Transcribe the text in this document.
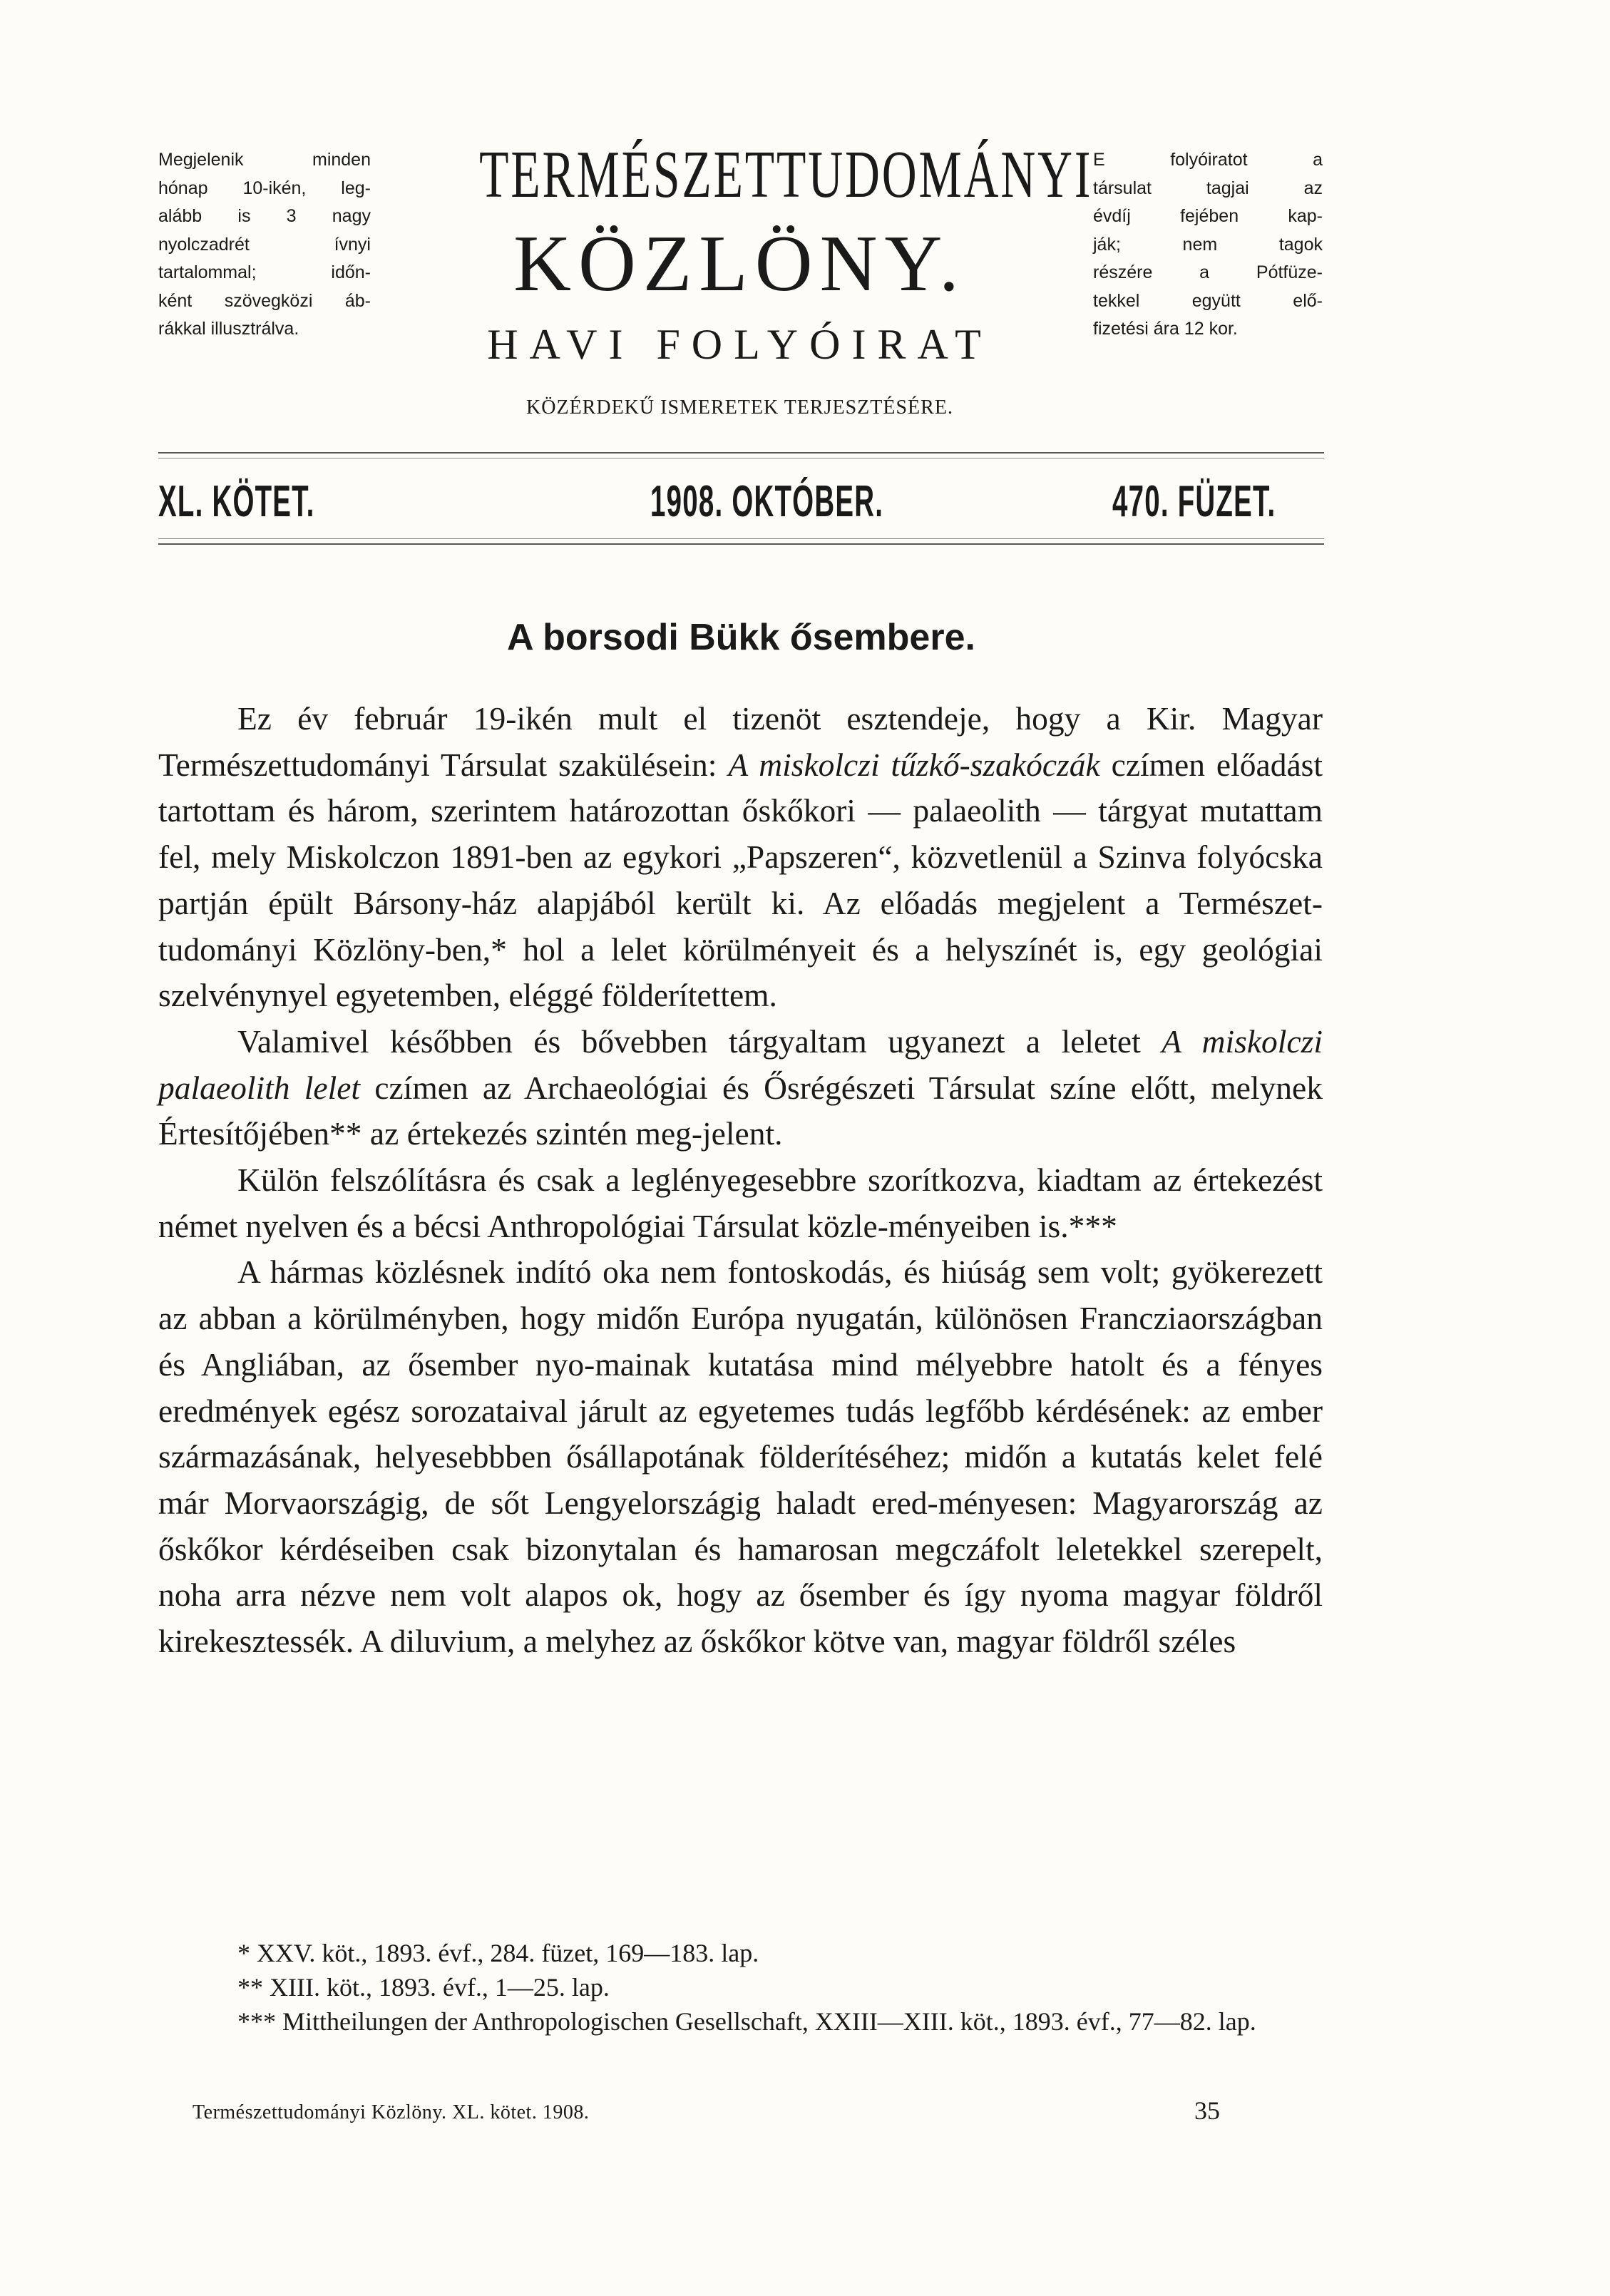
Megjelenik minden
hónap 10-ikén, leg-
alább is 3 nagy
nyolczadrét ívnyi
tartalommal; időn-
ként szövegközi áb-
rákkal illusztrálva.
TERMÉSZETTUDOMÁNYI
KÖZLÖNY.
HAVI FOLYÓIRAT
KÖZÉRDEKŰ ISMERETEK TERJESZTÉSÉRE.
E folyóiratot a
társulat tagjai az
évdíj fejében kap-
ják; nem tagok
részére a Pótfüze-
tekkel együtt elő-
fizetési ára 12 kor.
XL. KÖTET.	1908. OKTÓBER.	470. FÜZET.
A borsodi Bükk ősembere.

Ez év február 19-ikén mult el tizenöt esztendeje, hogy a Kir. Magyar Természettudományi Társulat szakülésein: A miskolczi tűzkő-szakóczák czímen előadást tartottam és három, szerintem határozottan őskőkori — palaeolith — tárgyat mutattam fel, mely Miskolczon 1891-ben az egykori „Papszeren“, közvetlenül a Szinva folyócska partján épült Bársony-ház alapjából került ki. Az előadás megjelent a Természet-tudományi Közlöny-ben,* hol a lelet körülményeit és a helyszínét is, egy geológiai szelvénynyel egyetemben, eléggé földerítettem.

Valamivel későbben és bővebben tárgyaltam ugyanezt a leletet A miskolczi palaeolith lelet czímen az Archaeológiai és Ősrégészeti Társulat színe előtt, melynek Értesítőjében** az értekezés szintén meg-jelent.

Külön felszólításra és csak a leglényegesebbre szorítkozva, kiadtam az értekezést német nyelven és a bécsi Anthropológiai Társulat közle-ményeiben is.***

A hármas közlésnek indító oka nem fontoskodás, és hiúság sem volt; gyökerezett az abban a körülményben, hogy midőn Európa nyugatán, különösen Francziaországban és Angliában, az ősember nyo-mainak kutatása mind mélyebbre hatolt és a fényes eredmények egész sorozataival járult az egyetemes tudás legfőbb kérdésének: az ember származásának, helyesebbben ősállapotának földerítéséhez; midőn a kutatás kelet felé már Morvaországig, de sőt Lengyelországig haladt ered-ményesen: Magyarország az őskőkor kérdéseiben csak bizonytalan és hamarosan megczáfolt leletekkel szerepelt, noha arra nézve nem volt alapos ok, hogy az ősember és így nyoma magyar földről kirekesztessék. A diluvium, a melyhez az őskőkor kötve van, magyar földről széles

* XXV. köt., 1893. évf., 284. füzet, 169—183. lap.

** XIII. köt., 1893. évf., 1—25. lap.

*** Mittheilungen der Anthropologischen Gesellschaft, XXIII—XIII. köt., 1893. évf., 77—82. lap.

Természettudományi Közlöny. XL. kötet. 1908.	35
